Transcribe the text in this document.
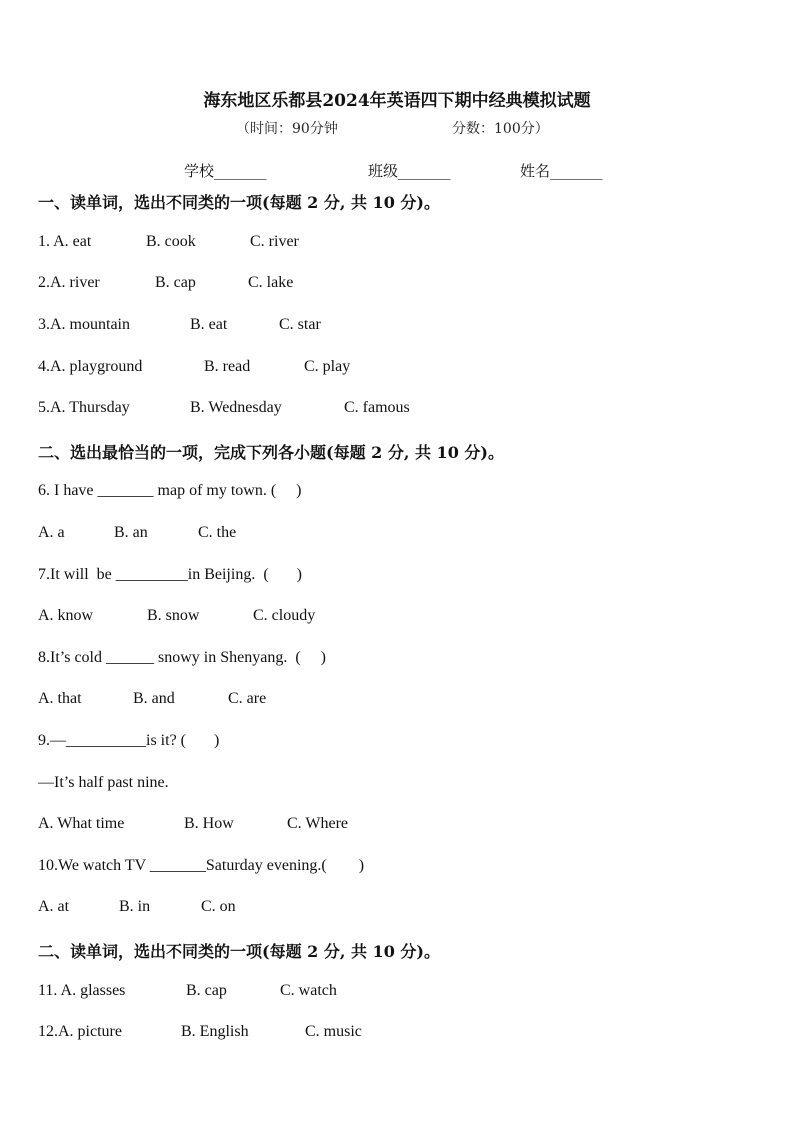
海东地区乐都县2024年英语四下期中经典模拟试题
（时间：90分钟	分数：100分）
学校_______	班级_______	姓名_______
一、读单词，选出不同类的一项(每题 2 分, 共 10 分)。
1. A. eat	B. cook	C. river
2.A. river	B. cap	C. lake
3.A. mountain	B. eat	C. star
4.A. playground	B. read	C. play
5.A. Thursday	B. Wednesday	C. famous
二、选出最恰当的一项，完成下列各小题(每题 2 分, 共 10 分)。
6. I have _______ map of my town. (     )
A. a	B. an	C. the
7.It will  be _________in Beijing.  (       )
A. know	B. snow	C. cloudy
8.It’s cold ______ snowy in Shenyang.  (     )
A. that	B. and	C. are
9.—__________is it? (       )
—It’s half past nine.
A. What time	B. How	C. Where
10.We watch TV _______Saturday evening.(        )
A. at	B. in	C. on
二、读单词，选出不同类的一项(每题 2 分, 共 10 分)。
11. A. glasses	B. cap	C. watch
12.A. picture	B. English	C. music
